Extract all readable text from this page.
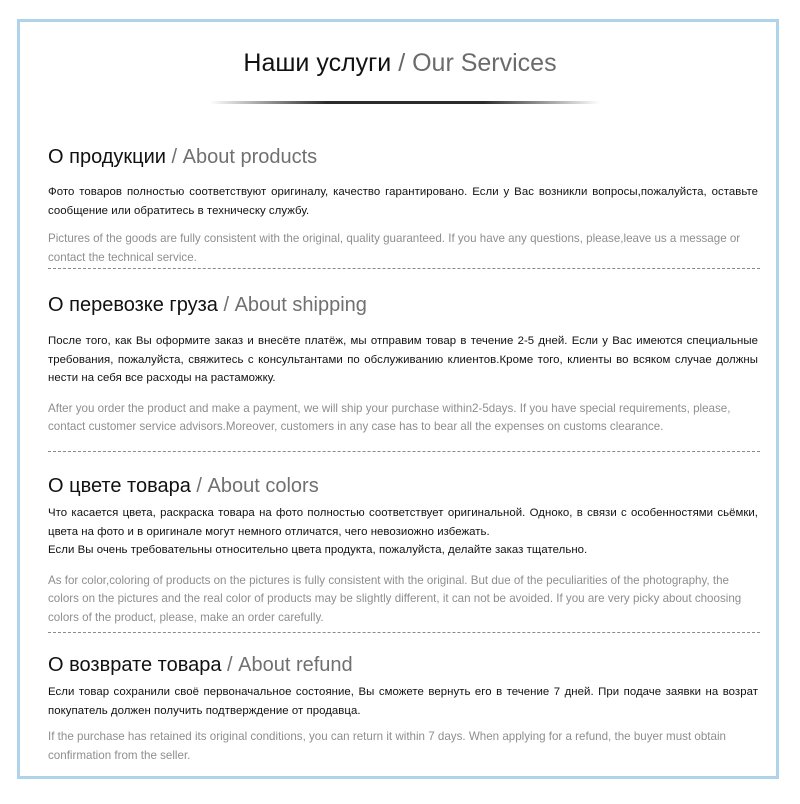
Наши услуги / Our Services

О продукции / About products

Фото товаров полностью соответствуют оригиналу, качество гарантировано. Если у Вас возникли вопросы,пожалуйста, оставьте сообщение или обратитесь в техническу службу.

Pictures of the goods are fully consistent with the original, quality guaranteed. If you have any questions, please,leave us a message or contact the technical service.

О перевозке груза / About shipping

После того, как Вы оформите заказ и внесёте платёж, мы отправим товар в течение 2-5 дней. Если у Вас имеются специальные требования, пожалуйста, свяжитесь с консультантами по обслуживанию клиентов.Кроме того, клиенты во всяком случае должны нести на себя все расходы на растаможку.

After you order the product and make a payment, we will ship your purchase within2-5days. If you have special requirements, please, contact customer service advisors.Moreover, customers in any case has to bear all the expenses on customs clearance.

О цвете товара / About colors

Что касается цвета, раскраска товара на фото полностью соответствует оригинальной. Одноко, в связи с особенностями сьёмки, цвета на фото и в оригинале могут немного отличатся, чего невозиожно избежать.

Если Вы очень требовательны относительно цвета продукта, пожалуйста, делайте заказ тщательно.

As for color,coloring of products on the pictures is fully consistent with the original. But due of the peculiarities of the photography, the colors on the pictures and the real color of products may be slightly different, it can not be avoided. If you are very picky about choosing colors of the product, please, make an order carefully.

О возврате товара / About refund

Если товар сохранили своё первоначальное состояние, Вы сможете вернуть его в течение 7 дней. При подаче заявки на возрат покупатель должен получить подтверждение от продавца.

If the purchase has retained its original conditions, you can return it within 7 days. When applying for a refund, the buyer must obtain confirmation from the seller.
